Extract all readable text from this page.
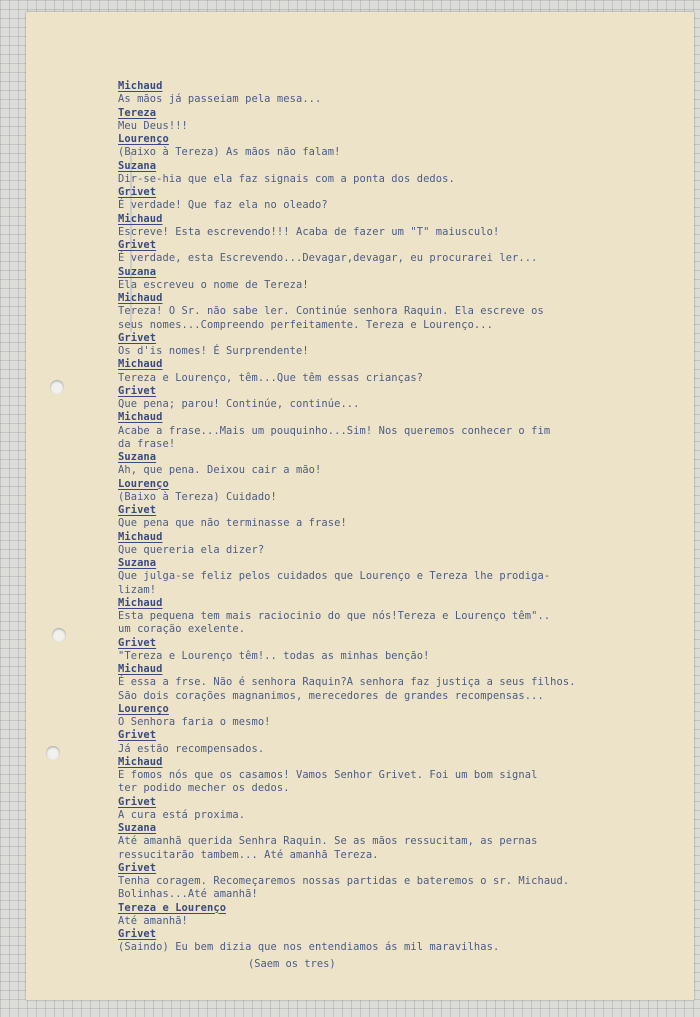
Michaud
As mãos já passeiam pela mesa...
Tereza
Meu Deus!!!
Lourenço
(Baixo à Tereza) As mãos não falam!
Suzana
Dir-se-hia que ela faz signais com a ponta dos dedos.
Grivet
É verdade! Que faz ela no oleado?
Michaud
Escreve! Esta escrevendo!!! Acaba de fazer um "T" maiusculo!
Grivet
É verdade, esta Escrevendo...Devagar,devagar, eu procurarei ler...
Suzana
Ela escreveu o nome de Tereza!
Michaud
Tereza! O Sr. não sabe ler. Continúe senhora Raquin. Ela escreve os
seus nomes...Compreendo perfeitamente. Tereza e Lourenço...
Grivet
Os d'is nomes! É Surprendente!
Michaud
Tereza e Lourenço, têm...Que têm essas crianças?
Grivet
Que pena; parou! Continúe, continúe...
Michaud
Acabe a frase...Mais um pouquinho...Sim! Nos queremos conhecer o fim
da frase!
Suzana
Ah, que pena. Deixou cair a mão!
Lourenço
(Baixo à Tereza) Cuidado!
Grivet
Que pena que não terminasse a frase!
Michaud
Que quereria ela dizer?
Suzana
Que julga-se feliz pelos cuidados que Lourenço e Tereza lhe prodiga-
lizam!
Michaud
Esta pequena tem mais raciocinio do que nós!Tereza e Lourenço têm"..
um coração exelente.
Grivet
"Tereza e Lourenço têm!.. todas as minhas benção!
Michaud
É essa a frse. Não é senhora Raquin?A senhora faz justiça a seus filhos.
São dois corações magnanimos, merecedores de grandes recompensas...
Lourenço
O Senhora faria o mesmo!
Grivet
Já estão recompensados.
Michaud
E fomos nós que os casamos! Vamos Senhor Grivet. Foi um bom signal
ter podido mecher os dedos.
Grivet
A cura está proxima.
Suzana
Até amanhã querida Senhra Raquin. Se as mãos ressucitam, as pernas
ressucitarão tambem... Até amanhã Tereza.
Grivet
Tenha coragem. Recomeçaremos nossas partidas e bateremos o sr. Michaud.
Bolinhas...Até amanhã!
Tereza e Lourenço
Até amanhã!
Grivet
(Saindo) Eu bem dizia que nos entendiamos ás mil maravilhas.
(Saem os tres)
